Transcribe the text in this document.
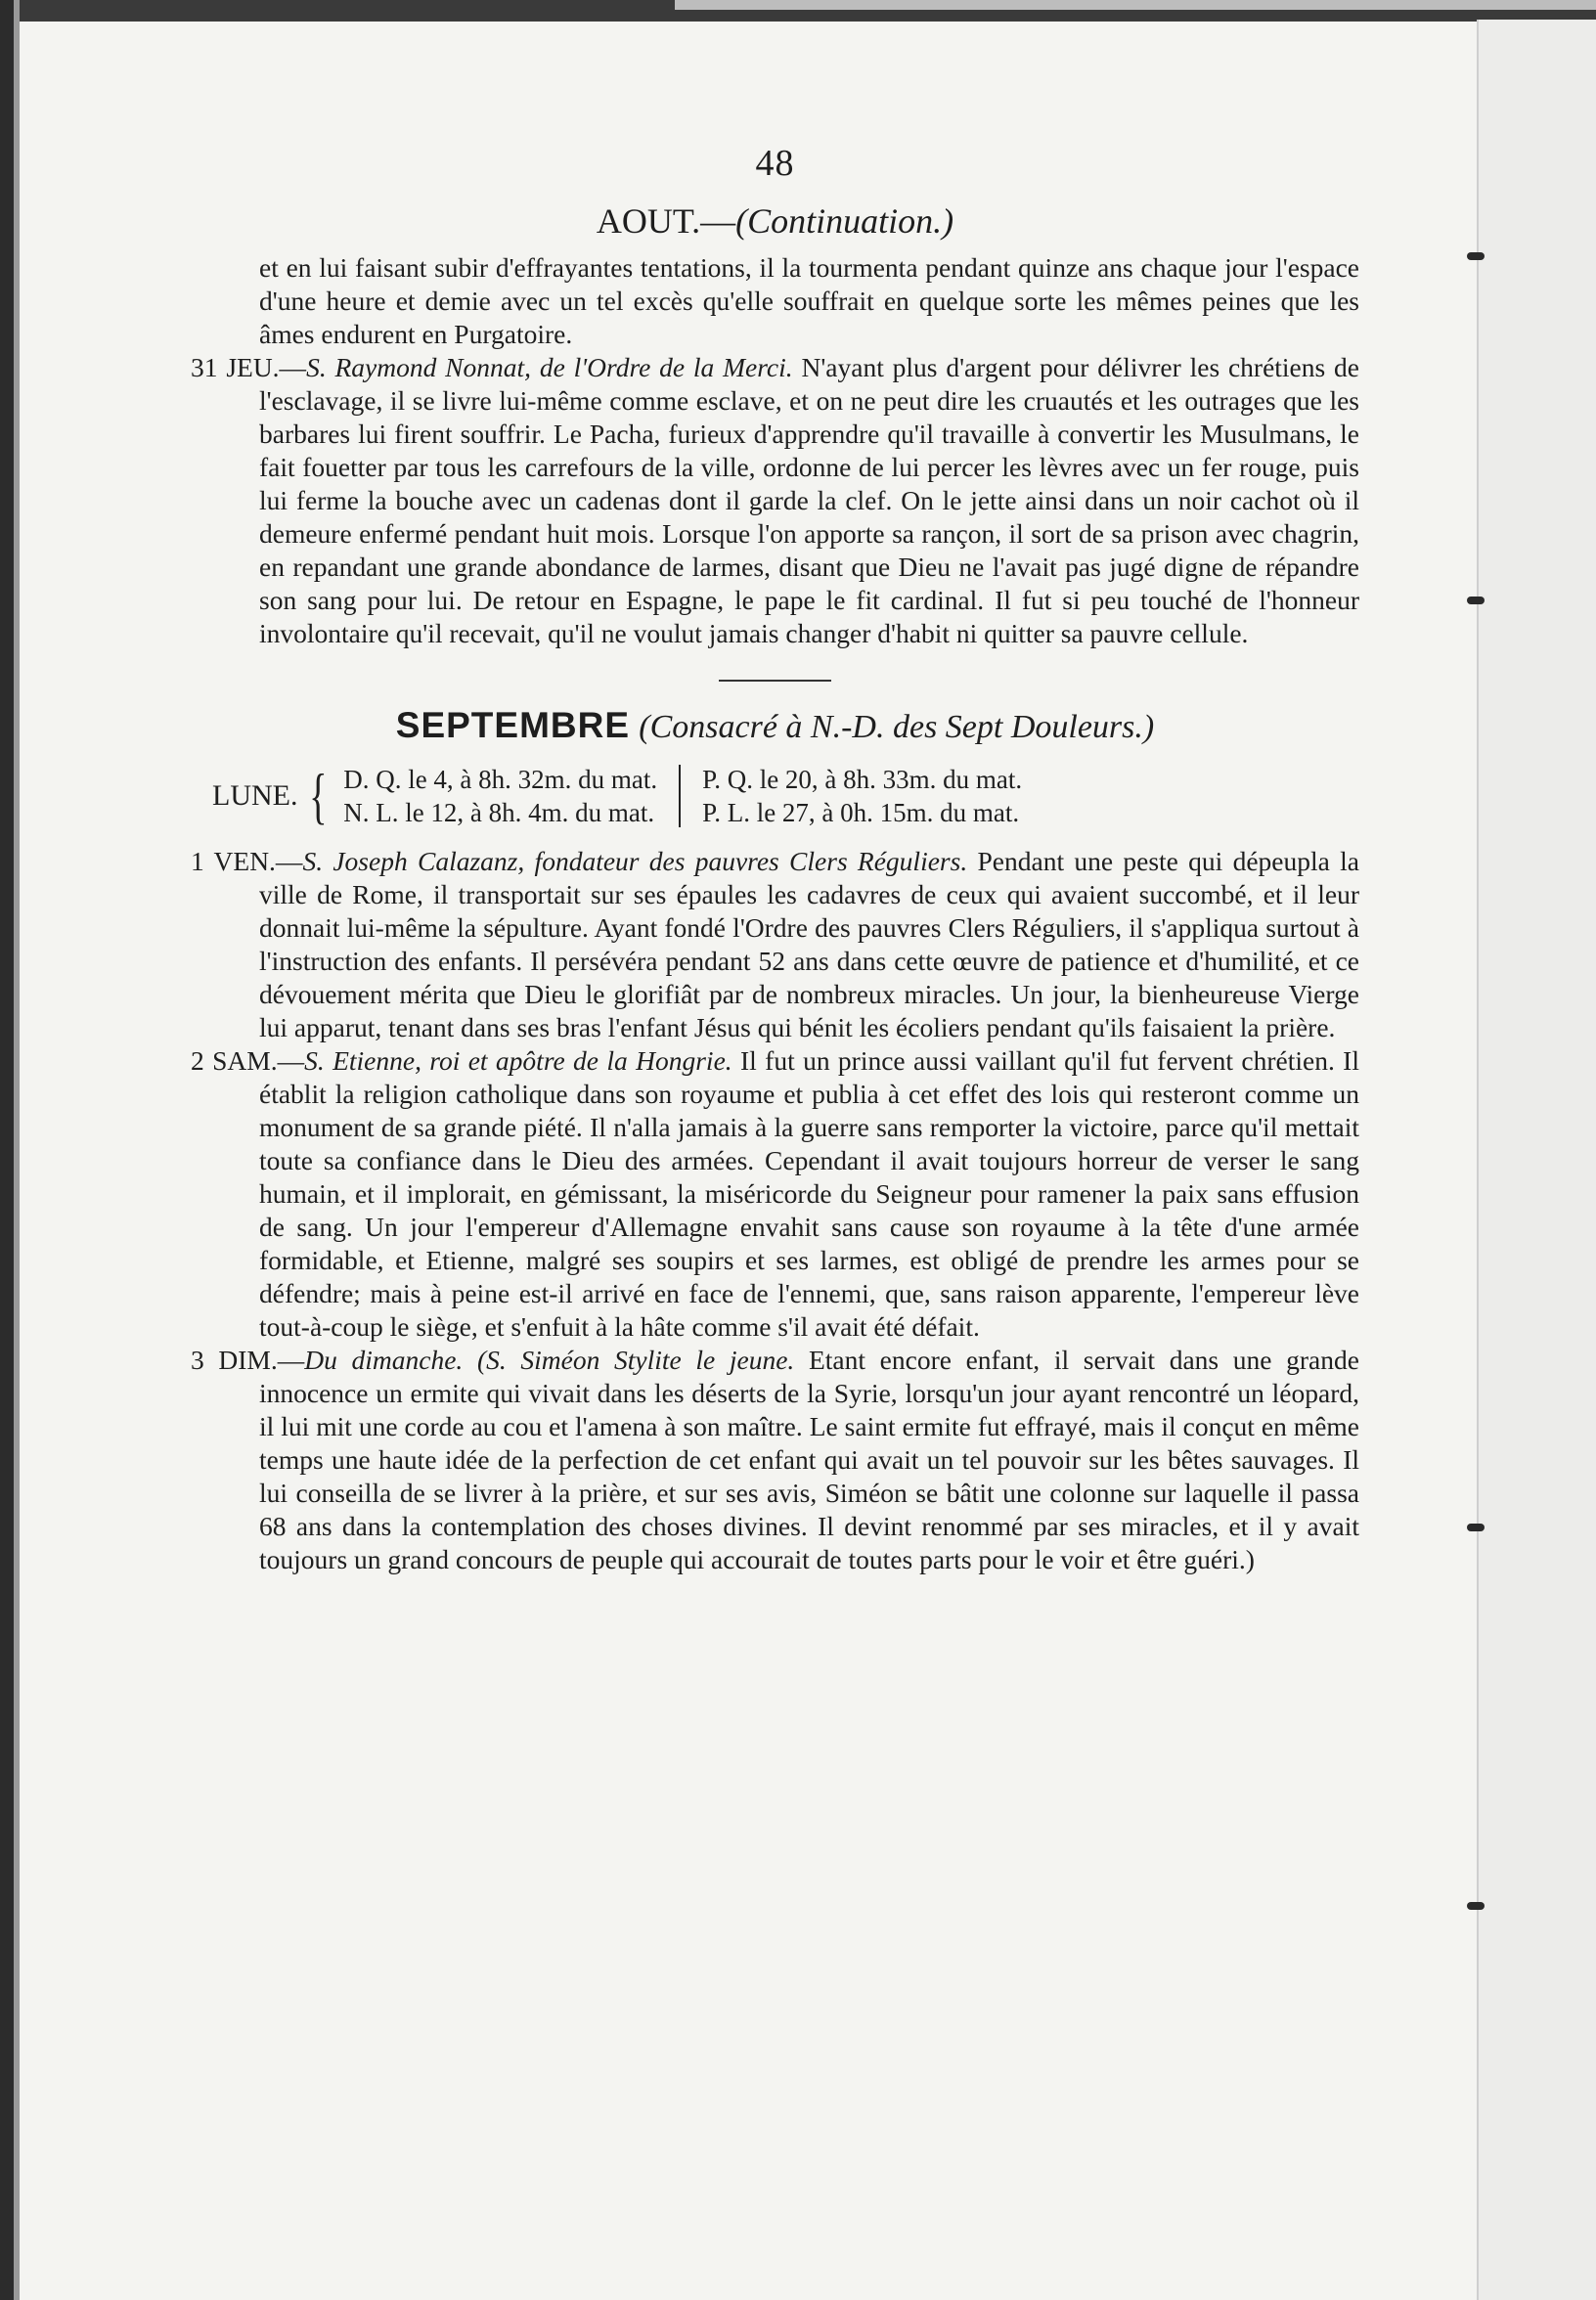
48
AOUT.—(Continuation.)

et en lui faisant subir d'effrayantes tentations, il la tourmenta pendant quinze ans chaque jour l'espace d'une heure et demie avec un tel excès qu'elle souffrait en quelque sorte les mêmes peines que les âmes endurent en Purgatoire.

31 JEU.—S. Raymond Nonnat, de l'Ordre de la Merci. N'ayant plus d'argent pour délivrer les chrétiens de l'esclavage, il se livre lui-même comme esclave, et on ne peut dire les cruautés et les outrages que les barbares lui firent souffrir. Le Pacha, furieux d'apprendre qu'il travaille à convertir les Musulmans, le fait fouetter par tous les carrefours de la ville, ordonne de lui percer les lèvres avec un fer rouge, puis lui ferme la bouche avec un cadenas dont il garde la clef. On le jette ainsi dans un noir cachot où il demeure enfermé pendant huit mois. Lorsque l'on apporte sa rançon, il sort de sa prison avec chagrin, en repandant une grande abondance de larmes, disant que Dieu ne l'avait pas jugé digne de répandre son sang pour lui. De retour en Espagne, le pape le fit cardinal. Il fut si peu touché de l'honneur involontaire qu'il recevait, qu'il ne voulut jamais changer d'habit ni quitter sa pauvre cellule.

SEPTEMBRE (Consacré à N.-D. des Sept Douleurs.)
LUNE. { D. Q. le 4, à 8h. 32m. du mat.
N. L. le 12, à 8h. 4m. du mat.
P. Q. le 20, à 8h. 33m. du mat.
P. L. le 27, à 0h. 15m. du mat.

1 VEN.—S. Joseph Calazanz, fondateur des pauvres Clers Réguliers. Pendant une peste qui dépeupla la ville de Rome, il transportait sur ses épaules les cadavres de ceux qui avaient succombé, et il leur donnait lui-même la sépulture. Ayant fondé l'Ordre des pauvres Clers Réguliers, il s'appliqua surtout à l'instruction des enfants. Il persévéra pendant 52 ans dans cette œuvre de patience et d'humilité, et ce dévouement mérita que Dieu le glorifiât par de nombreux miracles. Un jour, la bienheureuse Vierge lui apparut, tenant dans ses bras l'enfant Jésus qui bénit les écoliers pendant qu'ils faisaient la prière.

2 SAM.—S. Etienne, roi et apôtre de la Hongrie. Il fut un prince aussi vaillant qu'il fut fervent chrétien. Il établit la religion catholique dans son royaume et publia à cet effet des lois qui resteront comme un monument de sa grande piété. Il n'alla jamais à la guerre sans remporter la victoire, parce qu'il mettait toute sa confiance dans le Dieu des armées. Cependant il avait toujours horreur de verser le sang humain, et il implorait, en gémissant, la miséricorde du Seigneur pour ramener la paix sans effusion de sang. Un jour l'empereur d'Allemagne envahit sans cause son royaume à la tête d'une armée formidable, et Etienne, malgré ses soupirs et ses larmes, est obligé de prendre les armes pour se défendre; mais à peine est-il arrivé en face de l'ennemi, que, sans raison apparente, l'empereur lève tout-à-coup le siège, et s'enfuit à la hâte comme s'il avait été défait.

3 DIM.—Du dimanche. (S. Siméon Stylite le jeune. Etant encore enfant, il servait dans une grande innocence un ermite qui vivait dans les déserts de la Syrie, lorsqu'un jour ayant rencontré un léopard, il lui mit une corde au cou et l'amena à son maître. Le saint ermite fut effrayé, mais il conçut en même temps une haute idée de la perfection de cet enfant qui avait un tel pouvoir sur les bêtes sauvages. Il lui conseilla de se livrer à la prière, et sur ses avis, Siméon se bâtit une colonne sur laquelle il passa 68 ans dans la contemplation des choses divines. Il devint renommé par ses miracles, et il y avait toujours un grand concours de peuple qui accourait de toutes parts pour le voir et être guéri.)
